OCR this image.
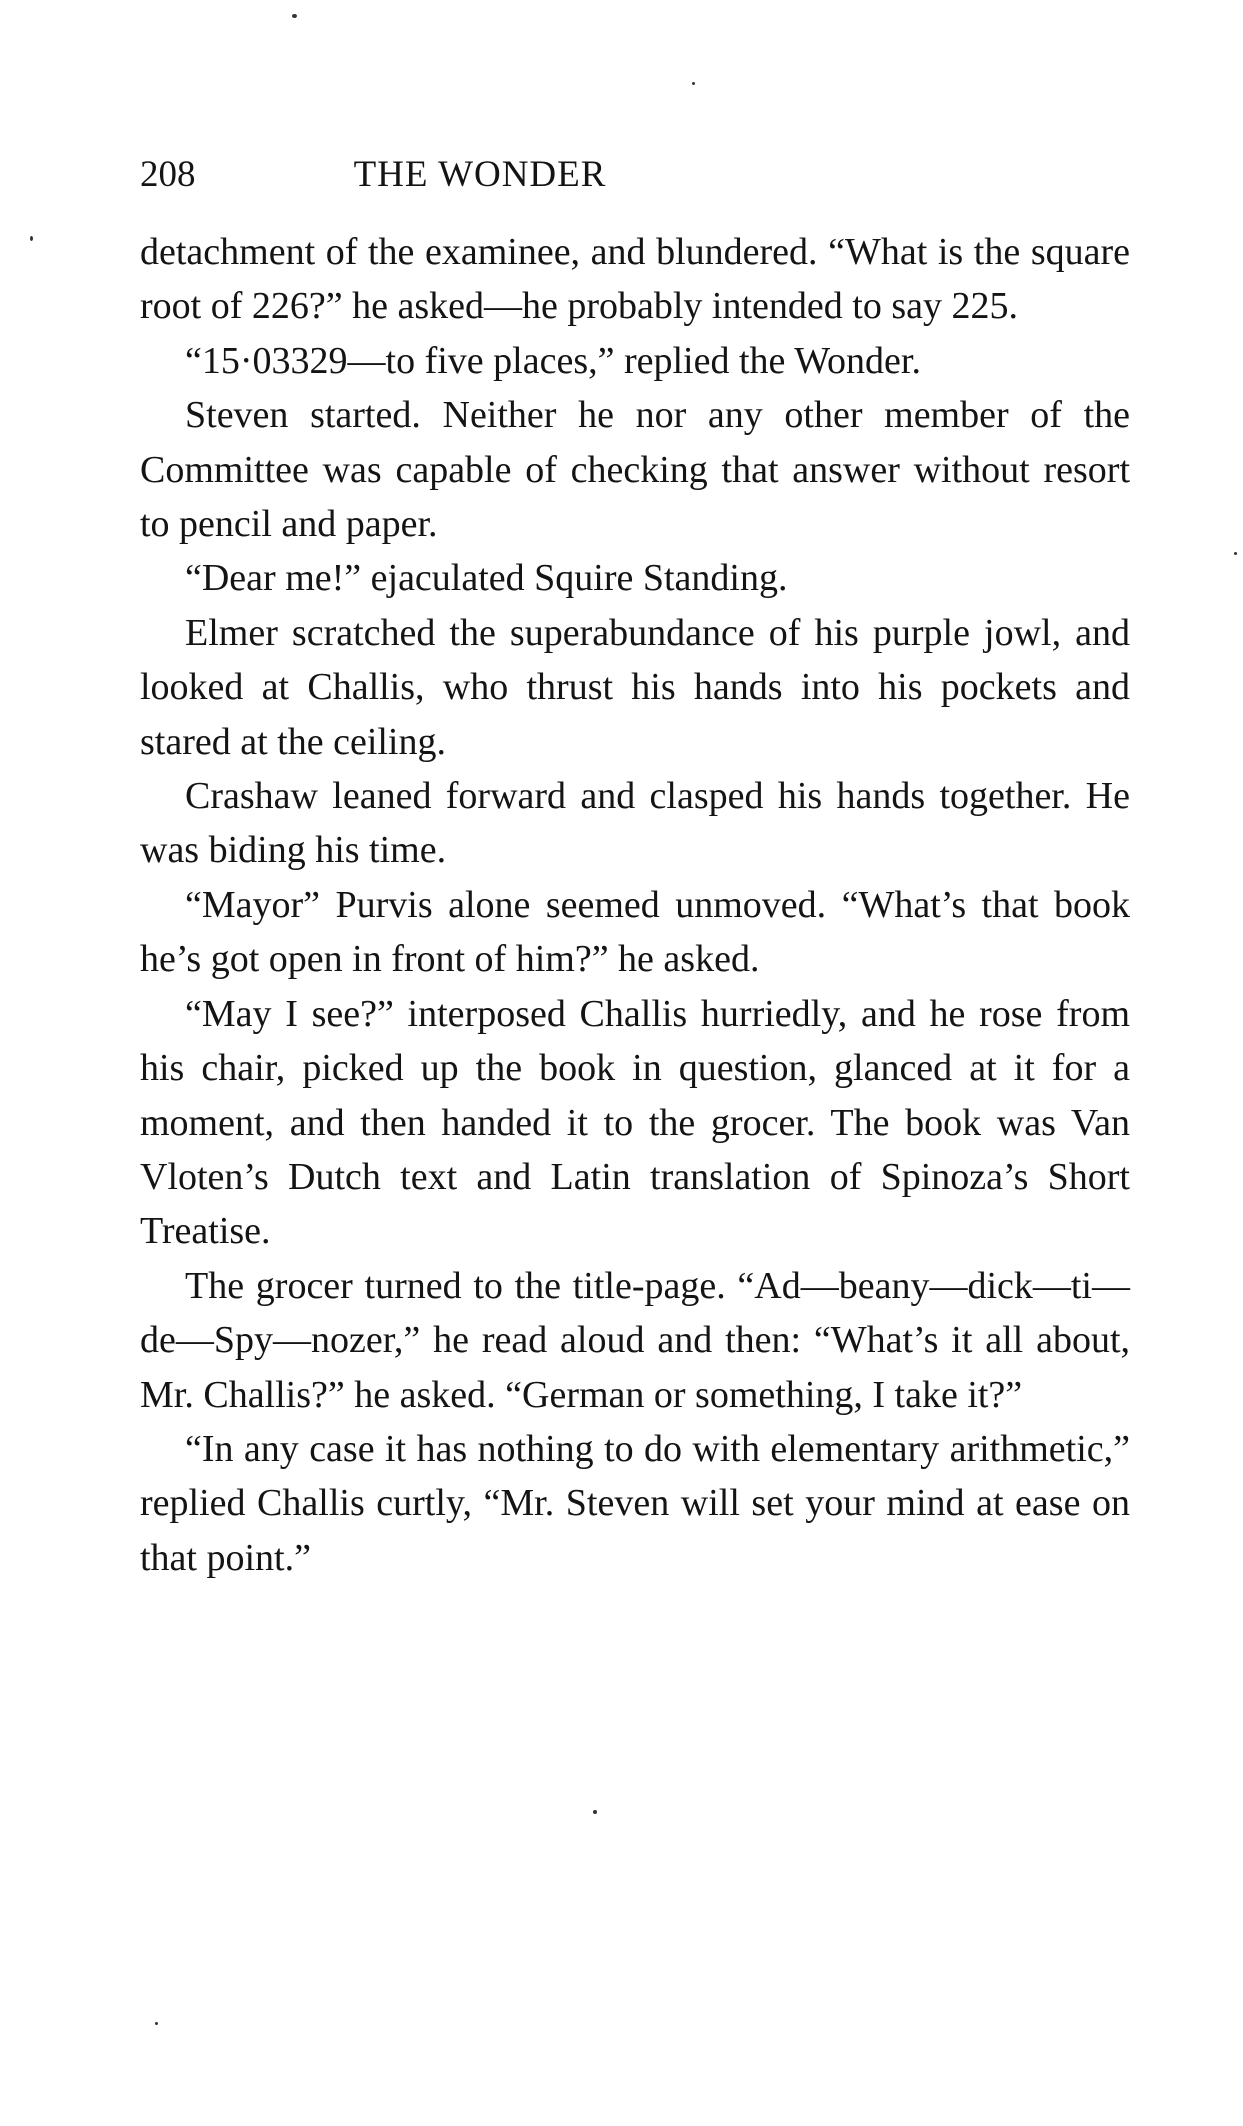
208	THE WONDER

detachment of the examinee, and blundered. “What is the square root of 226?” he asked—he probably intended to say 225.

“15·03329—to five places,” replied the Wonder.

Steven started. Neither he nor any other member of the Committee was capable of checking that answer without resort to pencil and paper.

“Dear me!” ejaculated Squire Standing.

Elmer scratched the superabundance of his purple jowl, and looked at Challis, who thrust his hands into his pockets and stared at the ceiling.

Crashaw leaned forward and clasped his hands together. He was biding his time.

“Mayor” Purvis alone seemed unmoved. “What’s that book he’s got open in front of him?” he asked.

“May I see?” interposed Challis hurriedly, and he rose from his chair, picked up the book in question, glanced at it for a moment, and then handed it to the grocer. The book was Van Vloten’s Dutch text and Latin translation of Spinoza’s Short Treatise.

The grocer turned to the title-page. “Ad—beany—dick—ti—de—Spy—nozer,” he read aloud and then: “What’s it all about, Mr. Challis?” he asked. “German or something, I take it?”

“In any case it has nothing to do with elementary arithmetic,” replied Challis curtly, “Mr. Steven will set your mind at ease on that point.”
